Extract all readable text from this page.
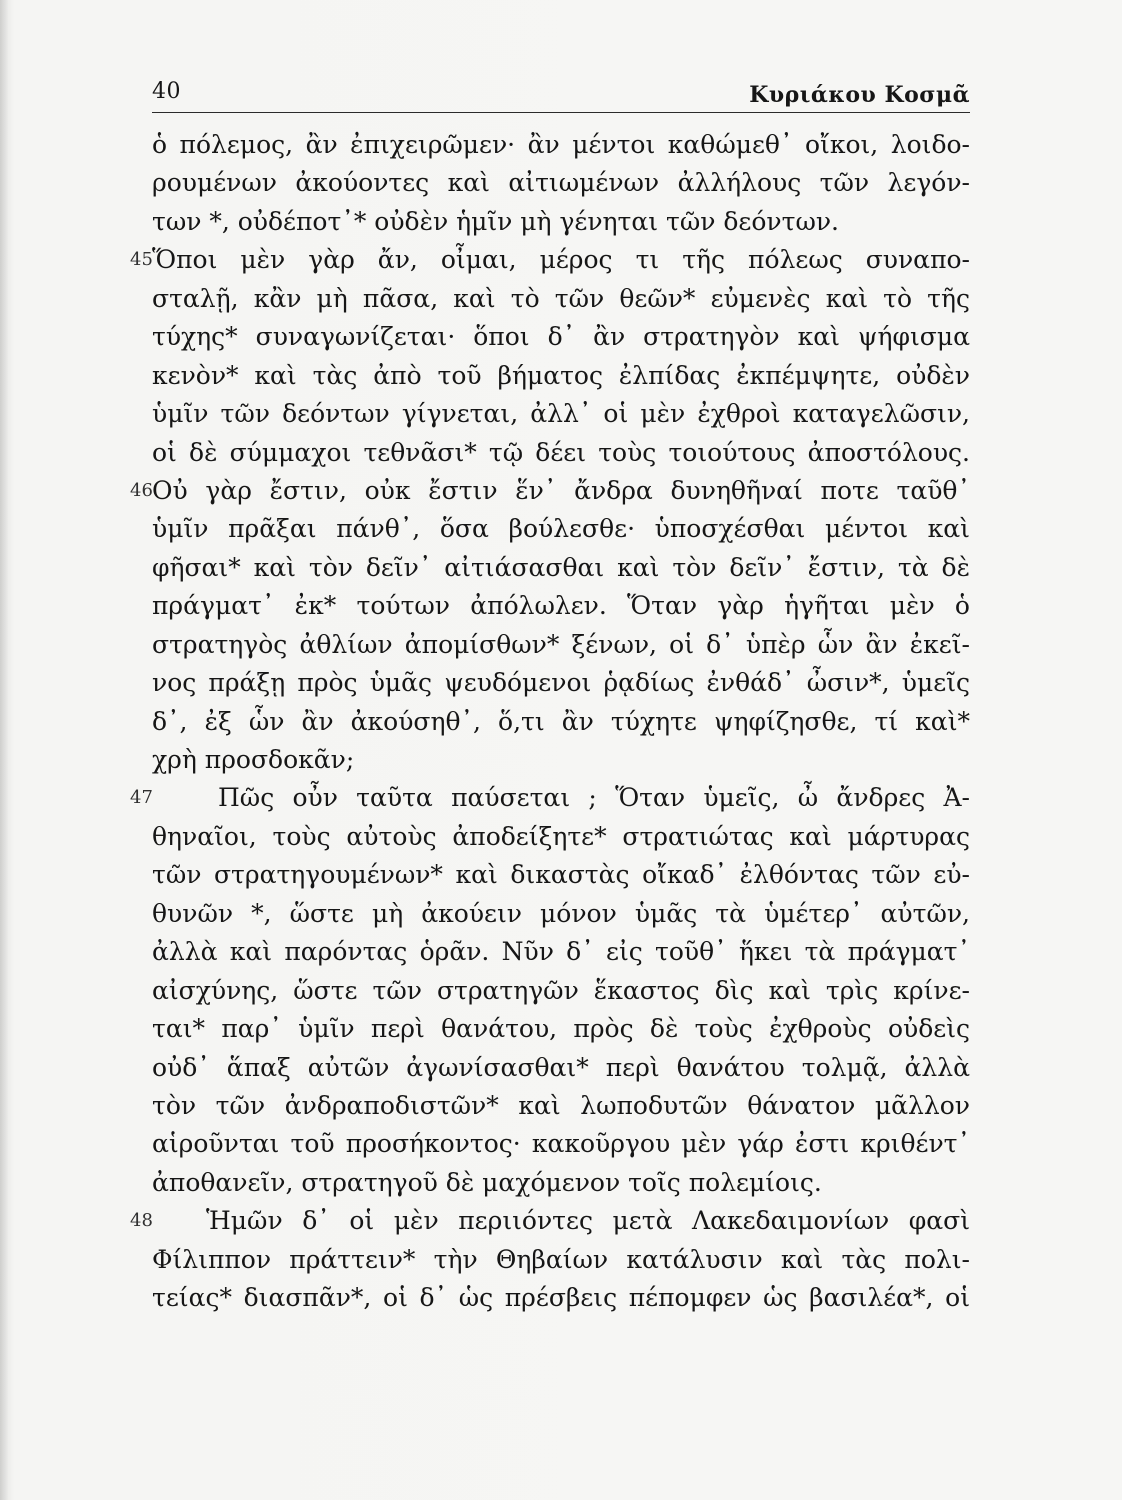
40	Κυριάκου Κοσμᾶ
ὁ πόλεμος, ἂν ἐπιχειρῶμεν· ἂν μέντοι καθώμεθ᾽ οἴκοι, λοιδο-
ρουμένων ἀκούοντες καὶ αἰτιωμένων ἀλλήλους τῶν λεγόν-
των *, οὐδέποτ᾽* οὐδὲν ἡμῖν μὴ γένηται τῶν δεόντων.
45 Ὅποι μὲν γὰρ ἄν, οἶμαι, μέρος τι τῆς πόλεως συναπο-
σταλῇ, κἂν μὴ πᾶσα, καὶ τὸ τῶν θεῶν* εὐμενὲς καὶ τὸ τῆς
τύχης* συναγωνίζεται· ὅποι δ᾽ ἂν στρατηγὸν καὶ ψήφισμα
κενὸν* καὶ τὰς ἀπὸ τοῦ βήματος ἐλπίδας ἐκπέμψητε, οὐδὲν
ὑμῖν τῶν δεόντων γίγνεται, ἀλλ᾽ οἱ μὲν ἐχθροὶ καταγελῶσιν,
οἱ δὲ σύμμαχοι τεθνᾶσι* τῷ δέει τοὺς τοιούτους ἀποστόλους.
46 Οὐ γὰρ ἔστιν, οὐκ ἔστιν ἕν᾽ ἄνδρα δυνηθῆναί ποτε ταῦθ᾽
ὑμῖν πρᾶξαι πάνθ᾽, ὅσα βούλεσθε· ὑποσχέσθαι μέντοι καὶ
φῆσαι* καὶ τὸν δεῖν᾽ αἰτιάσασθαι καὶ τὸν δεῖν᾽ ἔστιν, τὰ δὲ
πράγματ᾽ ἐκ* τούτων ἀπόλωλεν. Ὅταν γὰρ ἡγῆται μὲν ὁ
στρατηγὸς ἀθλίων ἀπομίσθων* ξένων, οἱ δ᾽ ὑπὲρ ὧν ἂν ἐκεῖ-
νος πράξῃ πρὸς ὑμᾶς ψευδόμενοι ῥᾳδίως ἐνθάδ᾽ ὦσιν*, ὑμεῖς
δ᾽, ἐξ ὧν ἂν ἀκούσηθ᾽, ὅ,τι ἂν τύχητε ψηφίζησθε, τί καὶ*
χρὴ προσδοκᾶν;
47	Πῶς οὖν ταῦτα παύσεται ; Ὅταν ὑμεῖς, ὦ ἄνδρες Ἀ-
θηναῖοι, τοὺς αὐτοὺς ἀποδείξητε* στρατιώτας καὶ μάρτυρας
τῶν στρατηγουμένων* καὶ δικαστὰς οἴκαδ᾽ ἐλθόντας τῶν εὐ-
θυνῶν *, ὥστε μὴ ἀκούειν μόνον ὑμᾶς τὰ ὑμέτερ᾽ αὐτῶν,
ἀλλὰ καὶ παρόντας ὁρᾶν. Νῦν δ᾽ εἰς τοῦθ᾽ ἥκει τὰ πράγματ᾽
αἰσχύνης, ὥστε τῶν στρατηγῶν ἕκαστος δὶς καὶ τρὶς κρίνε-
ται* παρ᾽ ὑμῖν περὶ θανάτου, πρὸς δὲ τοὺς ἐχθροὺς οὐδεὶς
οὐδ᾽ ἅπαξ αὐτῶν ἀγωνίσασθαι* περὶ θανάτου τολμᾷ, ἀλλὰ
τὸν τῶν ἀνδραποδιστῶν* καὶ λωποδυτῶν θάνατον μᾶλλον
αἱροῦνται τοῦ προσήκοντος· κακοῦργου μὲν γάρ ἐστι κριθέντ᾽
ἀποθανεῖν, στρατηγοῦ δὲ μαχόμενον τοῖς πολεμίοις.
48	Ἡμῶν δ᾽ οἱ μὲν περιιόντες μετὰ Λακεδαιμονίων φασὶ
Φίλιππον πράττειν* τὴν Θηβαίων κατάλυσιν καὶ τὰς πολι-
τείας* διασπᾶν*, οἱ δ᾽ ὡς πρέσβεις πέπομφεν ὡς βασιλέα*, οἱ
